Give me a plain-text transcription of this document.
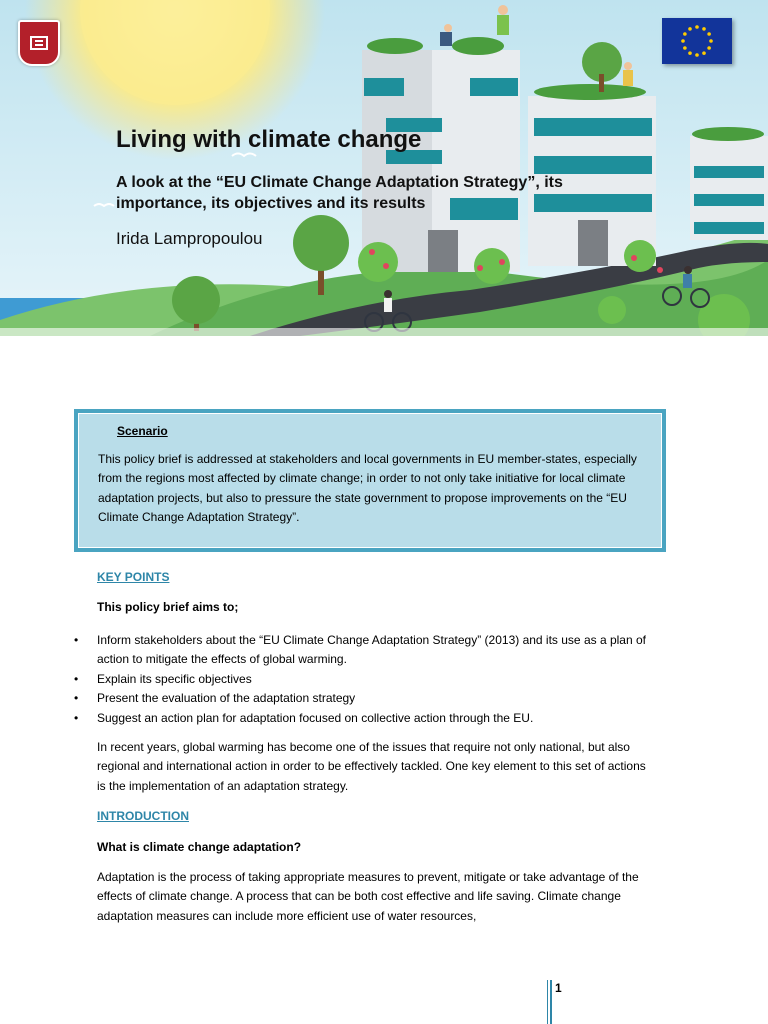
Living with climate change

A look at the “EU Climate Change Adaptation Strategy”, its importance, its objectives and its results

Irida Lampropoulou
Scenario

This policy brief is addressed at stakeholders and local governments in EU member-states, especially from the regions most affected by climate change; in order to not only take initiative for local climate adaptation projects, but also to pressure the state government to propose improvements on the “EU Climate Change Adaptation Strategy”.

KEY POINTS

This policy brief aims to;

• Inform stakeholders about the “EU Climate Change Adaptation Strategy” (2013) and its use as a plan of action to mitigate the effects of global warming.
• Explain its specific objectives
• Present the evaluation of the adaptation strategy
• Suggest an action plan for adaptation focused on collective action through the EU.

In recent years, global warming has become one of the issues that require not only national, but also regional and international action in order to be effectively tackled. One key element to this set of actions is the implementation of an adaptation strategy.

INTRODUCTION

What is climate change adaptation?

Adaptation is the process of taking appropriate measures to prevent, mitigate or take advantage of the effects of climate change. A process that can be both cost effective and life saving. Climate change adaptation measures can include more efficient use of water resources,

1
